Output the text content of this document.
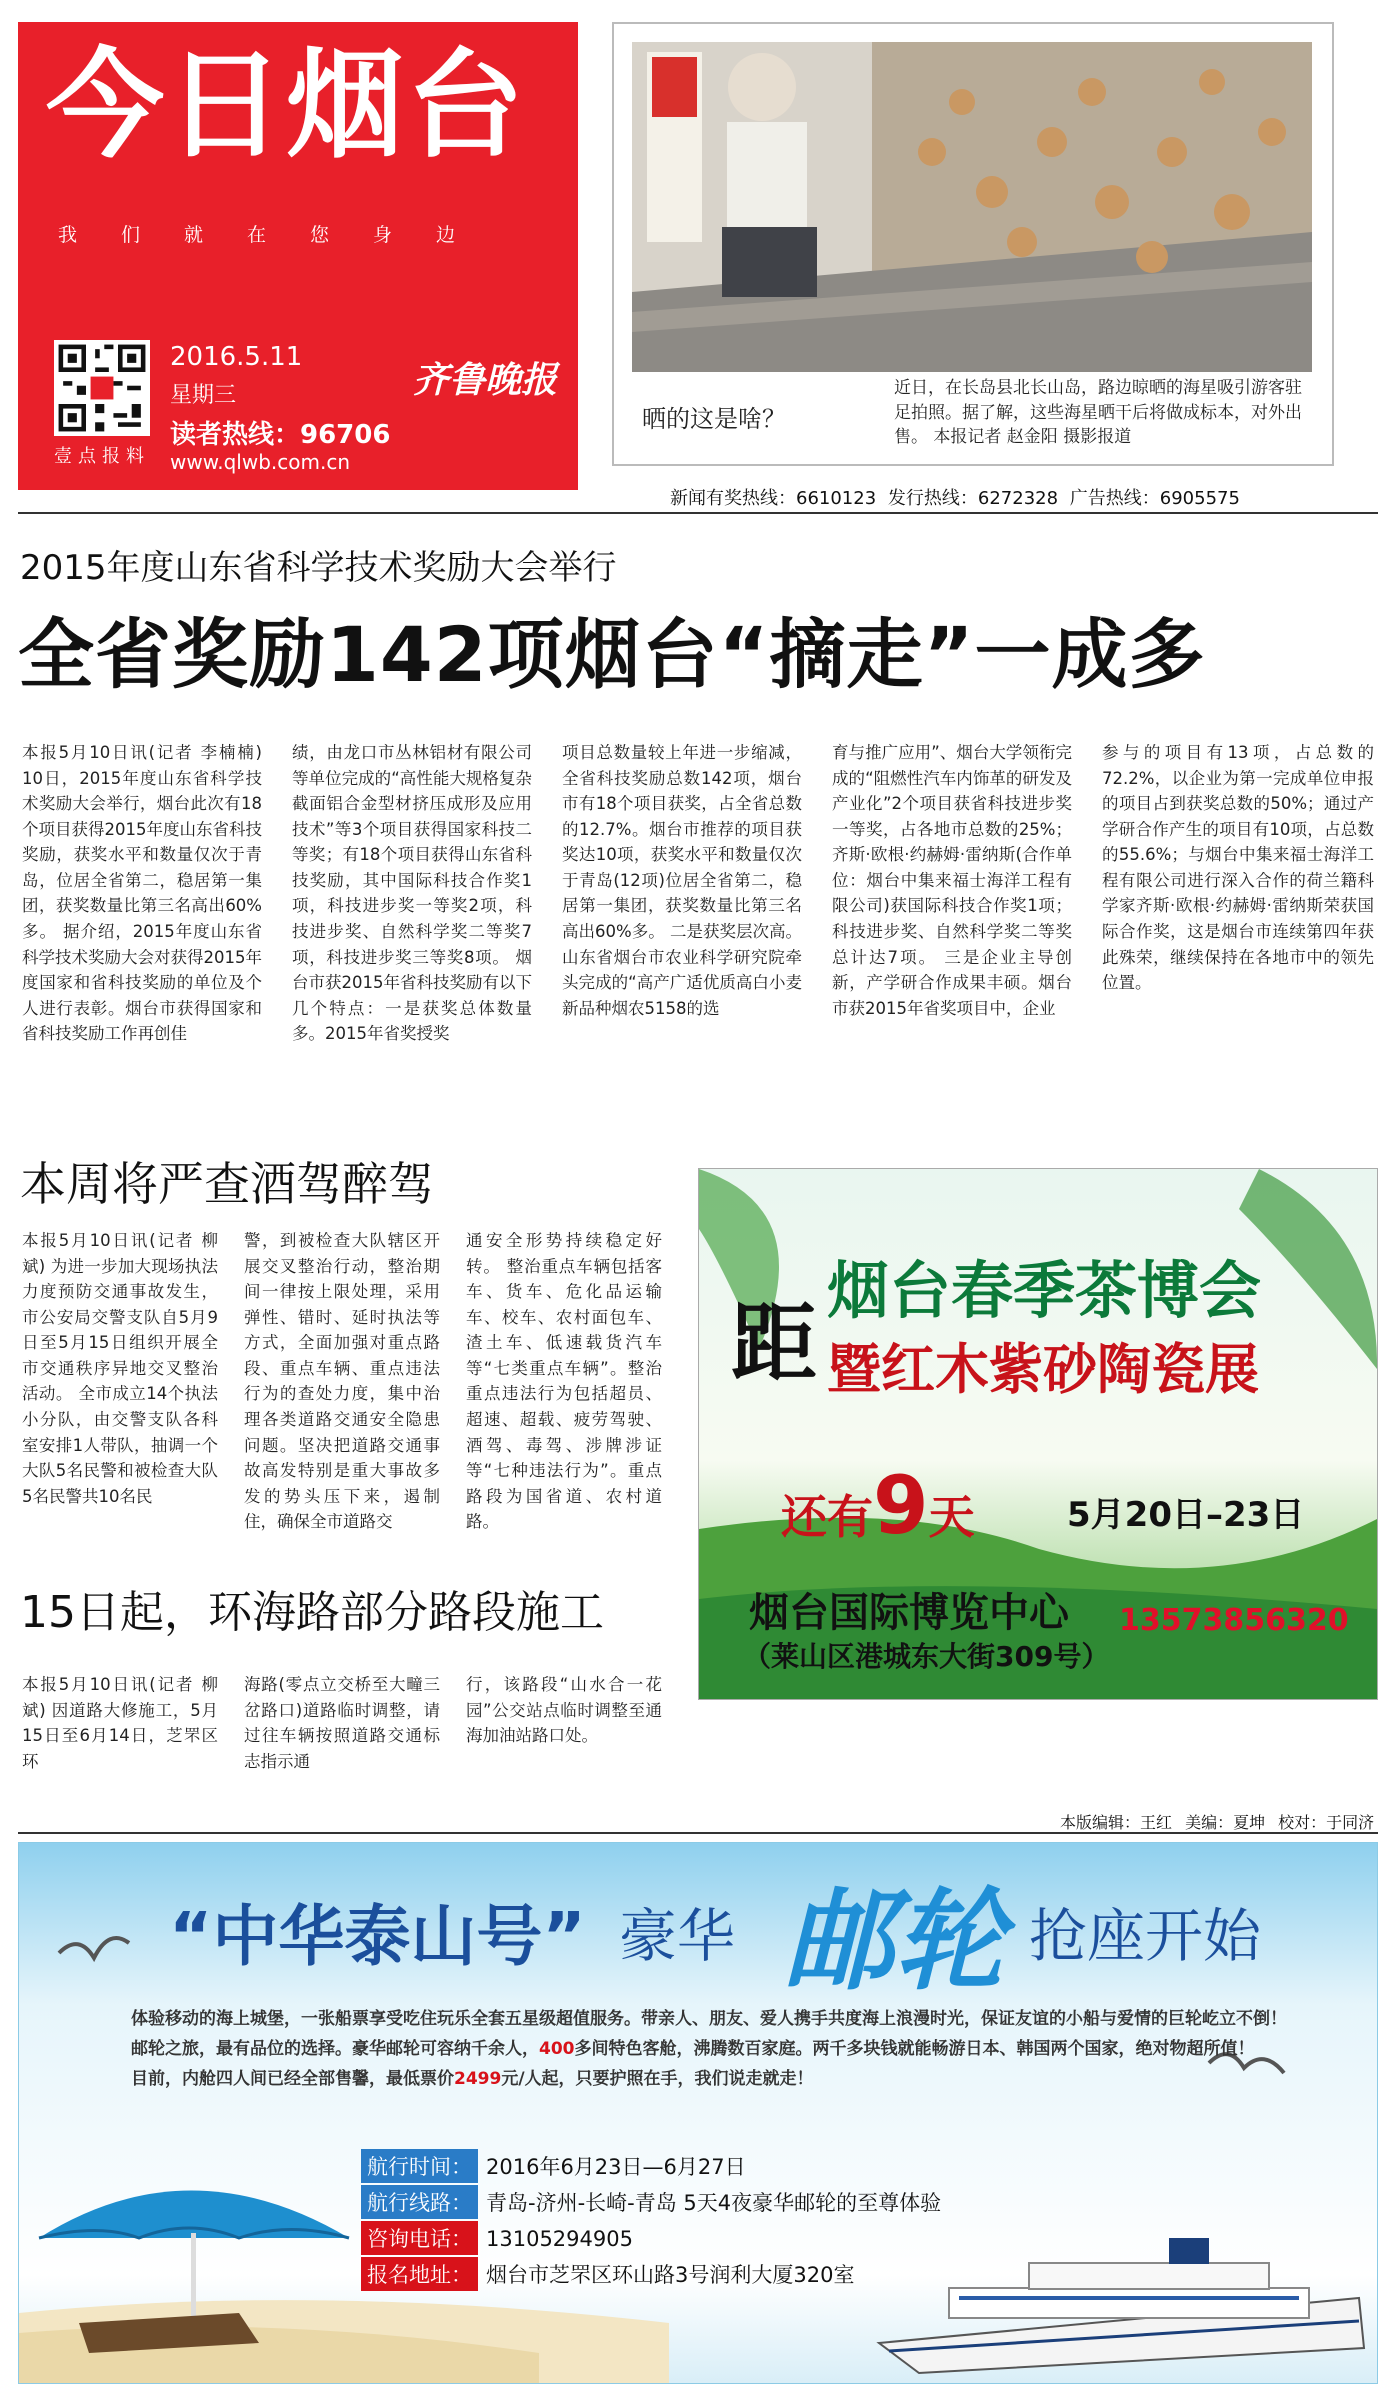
今日烟台
我们就在您身边
壹点报料
2016.5.11
星期三
读者热线：96706
www.qlwb.com.cn
齐鲁晚报
晒的这是啥？
近日，在长岛县北长山岛，路边晾晒的海星吸引游客驻足拍照。据了解，这些海星晒干后将做成标本，对外出售。 本报记者 赵金阳 摄影报道
新闻有奖热线：6610123 发行热线：6272328 广告热线：6905575
2015年度山东省科学技术奖励大会举行
全省奖励142项烟台“摘走”一成多
本报5月10日讯(记者 李楠楠) 10日，2015年度山东省科学技术奖励大会举行，烟台此次有18个项目获得2015年度山东省科技奖励，获奖水平和数量仅次于青岛，位居全省第二，稳居第一集团，获奖数量比第三名高出60%多。 据介绍，2015年度山东省科学技术奖励大会对获得2015年度国家和省科技奖励的单位及个人进行表彰。烟台市获得国家和省科技奖励工作再创佳
绩，由龙口市丛林铝材有限公司等单位完成的“高性能大规格复杂截面铝合金型材挤压成形及应用技术”等3个项目获得国家科技二等奖；有18个项目获得山东省科技奖励，其中国际科技合作奖1项，科技进步奖一等奖2项，科技进步奖、自然科学奖二等奖7项，科技进步奖三等奖8项。 烟台市获2015年省科技奖励有以下几个特点：一是获奖总体数量多。2015年省奖授奖
项目总数量较上年进一步缩减，全省科技奖励总数142项，烟台市有18个项目获奖，占全省总数的12.7%。烟台市推荐的项目获奖达10项，获奖水平和数量仅次于青岛(12项)位居全省第二，稳居第一集团，获奖数量比第三名高出60%多。 二是获奖层次高。山东省烟台市农业科学研究院牵头完成的“高产广适优质高白小麦新品种烟农5158的选
育与推广应用”、烟台大学领衔完成的“阻燃性汽车内饰革的研发及产业化”2个项目获省科技进步奖一等奖，占各地市总数的25%；齐斯·欧根·约赫姆·雷纳斯(合作单位：烟台中集来福士海洋工程有限公司)获国际科技合作奖1项；科技进步奖、自然科学奖二等奖总计达7项。 三是企业主导创新，产学研合作成果丰硕。烟台市获2015年省奖项目中，企业
参与的项目有13项，占总数的72.2%，以企业为第一完成单位申报的项目占到获奖总数的50%；通过产学研合作产生的项目有10项，占总数的55.6%；与烟台中集来福士海洋工程有限公司进行深入合作的荷兰籍科学家齐斯·欧根·约赫姆·雷纳斯荣获国际合作奖，这是烟台市连续第四年获此殊荣，继续保持在各地市中的领先位置。
本周将严查酒驾醉驾
本报5月10日讯(记者 柳斌) 为进一步加大现场执法力度预防交通事故发生，市公安局交警支队自5月9日至5月15日组织开展全市交通秩序异地交叉整治活动。 全市成立14个执法小分队，由交警支队各科室安排1人带队，抽调一个大队5名民警和被检查大队5名民警共10名民
警，到被检查大队辖区开展交叉整治行动，整治期间一律按上限处理，采用弹性、错时、延时执法等方式，全面加强对重点路段、重点车辆、重点违法行为的查处力度，集中治理各类道路交通安全隐患问题。坚决把道路交通事故高发特别是重大事故多发的势头压下来，遏制住，确保全市道路交
通安全形势持续稳定好转。 整治重点车辆包括客车、货车、危化品运输车、校车、农村面包车、渣土车、低速载货汽车等“七类重点车辆”。整治重点违法行为包括超员、超速、超载、疲劳驾驶、酒驾、毒驾、涉牌涉证等“七种违法行为”。重点路段为国省道、农村道路。
15日起，环海路部分路段施工
本报5月10日讯(记者 柳斌) 因道路大修施工，5月15日至6月14日，芝罘区环
海路(零点立交桥至大疃三岔路口)道路临时调整，请过往车辆按照道路交通标志指示通
行，该路段“山水合一花园”公交站点临时调整至通海加油站路口处。
距
烟台春季茶博会
暨红木紫砂陶瓷展
还有9天	5月20日–23日
烟台国际博览中心
（莱山区港城东大街309号）
13573856320
本版编辑：王红 美编：夏坤 校对：于同济
“中华泰山号” 豪华 邮轮 抢座开始

体验移动的海上城堡，一张船票享受吃住玩乐全套五星级超值服务。带亲人、朋友、爱人携手共度海上浪漫时光，保证友谊的小船与爱情的巨轮屹立不倒！

邮轮之旅，最有品位的选择。豪华邮轮可容纳千余人，400多间特色客舱，沸腾数百家庭。两千多块钱就能畅游日本、韩国两个国家，绝对物超所值！

目前，内舱四人间已经全部售馨，最低票价2499元/人起，只要护照在手，我们说走就走！

航行时间： 2016年6月23日—6月27日
航行线路： 青岛-济州-长崎-青岛 5天4夜豪华邮轮的至尊体验
咨询电话： 13105294905
报名地址： 烟台市芝罘区环山路3号润利大厦320室
